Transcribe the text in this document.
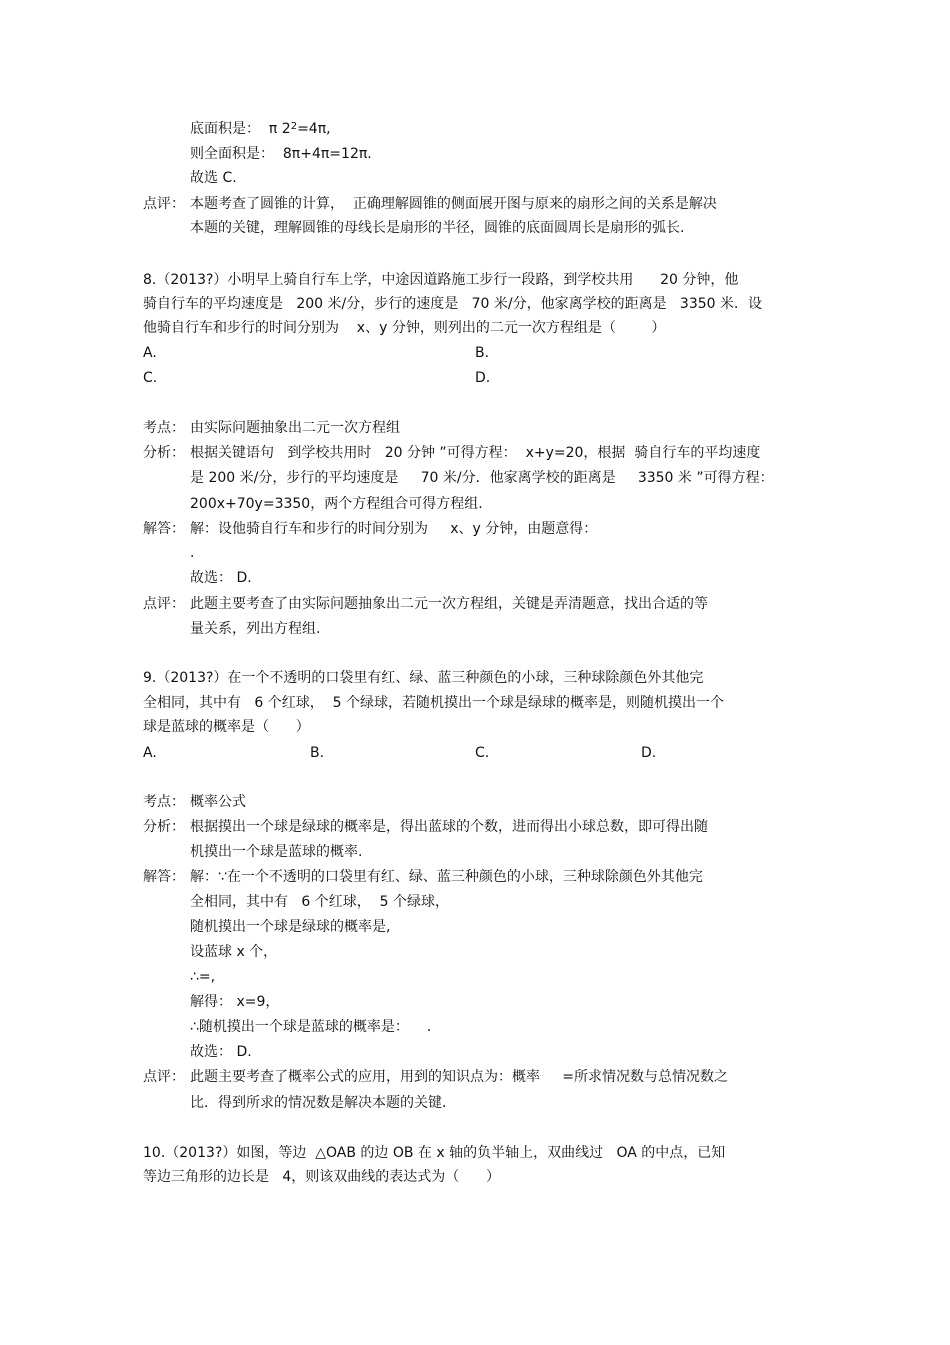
底面积是：  π $2^2=4\pi$,
则全面积是：  8π+4π=12π.
故选 C.
点评： 本题考查了圆锥的计算，  正确理解圆锥的侧面展开图与原来的扇形之间的关系是解决
本题的关键，理解圆锥的母线长是扇形的半径，圆锥的底面圆周长是扇形的弧长.
8.（2013?）小明早上骑自行车上学，中途因道路施工步行一段路，到学校共用      20 分钟，他
骑自行车的平均速度是   200 米/分，步行的速度是   70 米/分，他家离学校的距离是   3350 米．设
他骑自行车和步行的时间分别为    x、y 分钟，则列出的二元一次方程组是（        ）
A.	B.
C.	D.
考点： 由实际问题抽象出二元一次方程组
分析： 根据关键语句   到学校共用时   20 分钟 ”可得方程：  x+y=20，根据  骑自行车的平均速度
是 200 米/分，步行的平均速度是     70 米/分．他家离学校的距离是     3350 米 ”可得方程：
200x+70y=3350，两个方程组合可得方程组.
解答： 解：设他骑自行车和步行的时间分别为     x、y 分钟，由题意得：
.
故选： D.
点评： 此题主要考查了由实际问题抽象出二元一次方程组，关键是弄清题意，找出合适的等
量关系，列出方程组.
9.（2013?）在一个不透明的口袋里有红、绿、蓝三种颜色的小球，三种球除颜色外其他完
全相同，其中有   6 个红球，  5 个绿球，若随机摸出一个球是绿球的概率是，则随机摸出一个
球是蓝球的概率是（      ）
A.	B.	C.	D.
考点： 概率公式
分析： 根据摸出一个球是绿球的概率是，得出蓝球的个数，进而得出小球总数，即可得出随
机摸出一个球是蓝球的概率.
解答： 解：∵在一个不透明的口袋里有红、绿、蓝三种颜色的小球，三种球除颜色外其他完
全相同，其中有   6 个红球，  5 个绿球，
随机摸出一个球是绿球的概率是,
设蓝球 x 个，
∴=,
解得： x=9，
∴随机摸出一个球是蓝球的概率是：    .
故选： D.
点评： 此题主要考查了概率公式的应用，用到的知识点为：概率     =所求情况数与总情况数之
比．得到所求的情况数是解决本题的关键.
10.（2013?）如图，等边  △OAB 的边 OB 在 x 轴的负半轴上，双曲线过   OA 的中点，已知
等边三角形的边长是   4，则该双曲线的表达式为（      ）
